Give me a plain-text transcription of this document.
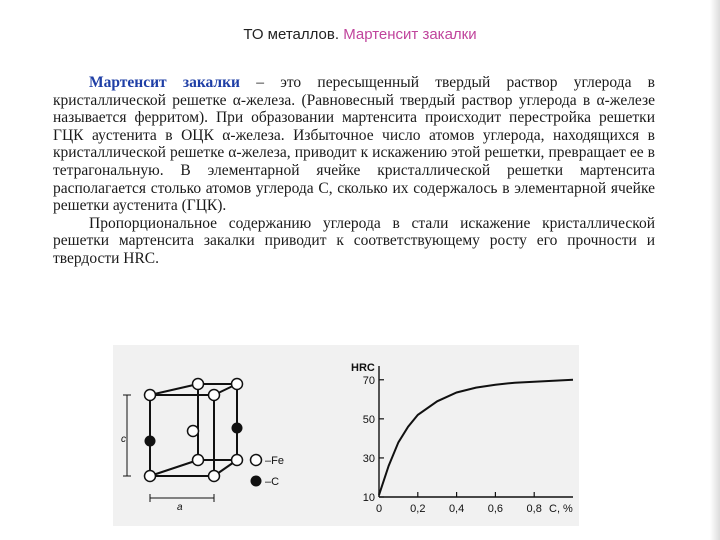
ТО металлов. Мартенсит закалки

Мартенсит закалки – это пересыщенный твердый раствор углерода в кристаллической решетке α-железа. (Равновесный твердый раствор углерода в α-железе называется ферритом). При образовании мартенсита происходит перестройка решетки ГЦК аустенита в ОЦК α-железа. Избыточное число атомов углерода, находящихся в кристаллической решетке α-железа, приводит к искажению этой решетки, превращает ее в тетрагональную. В элементарной ячейке кристаллической решетки мартенсита располагается столько атомов углерода С, сколько их содержалось в элементарной ячейке решетки аустенита (ГЦК).

Пропорциональное содержанию углерода в стали искажение кристаллической решетки мартенсита закалки приводит к соответствующему росту его прочности и твердости HRC.

c
a
–Fe
–C
10
30
50
70
0	0,2 0,4 0,6 0,8
HRC
С, %
